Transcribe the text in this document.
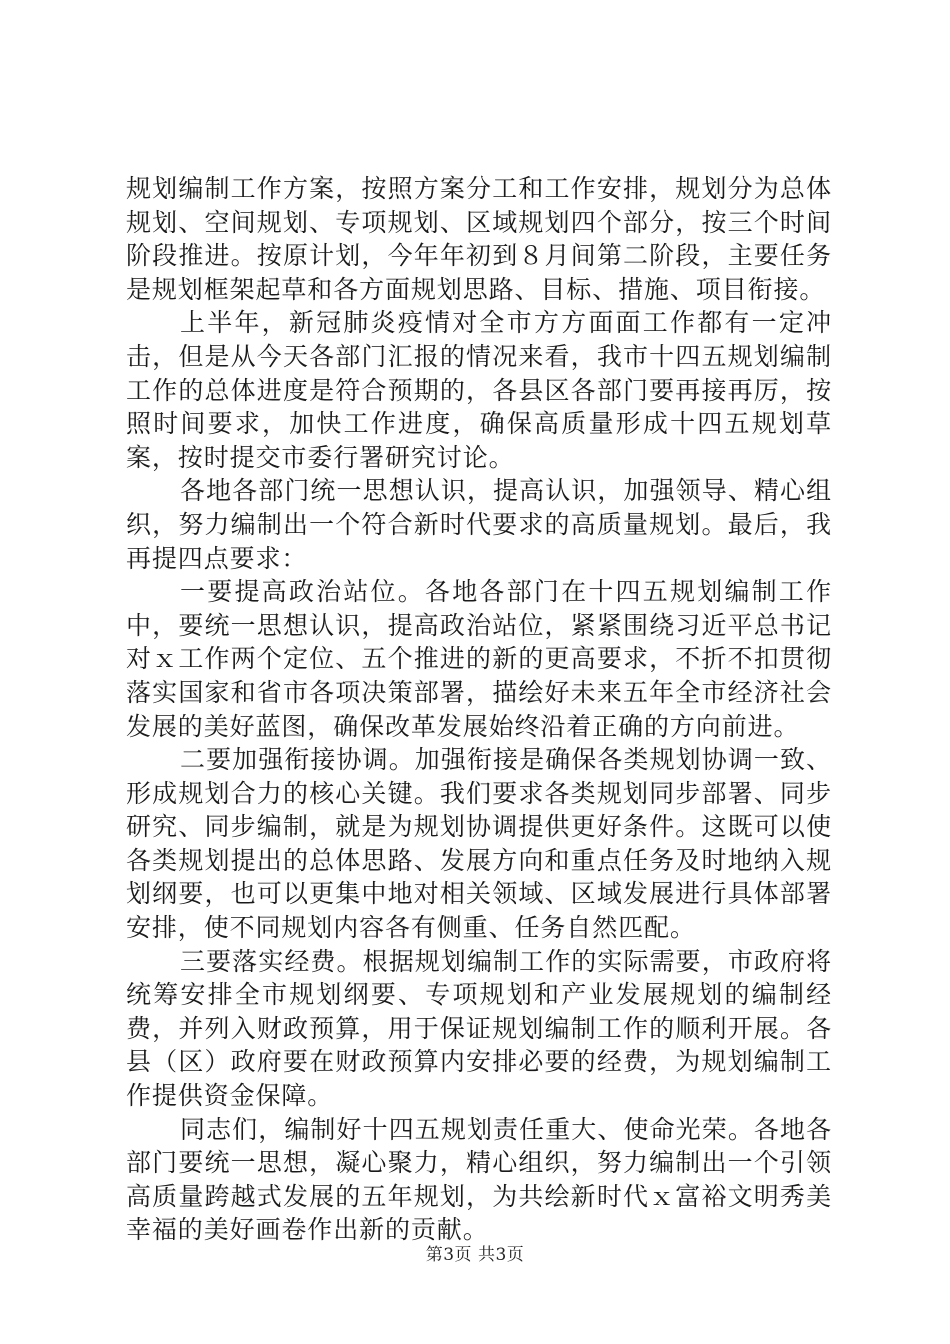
规划编制工作方案，按照方案分工和工作安排，规划分为总体规划、空间规划、专项规划、区域规划四个部分，按三个时间阶段推进。按原计划，今年年初到８月间第二阶段，主要任务是规划框架起草和各方面规划思路、目标、措施、项目衔接。

上半年，新冠肺炎疫情对全市方方面面工作都有一定冲击，但是从今天各部门汇报的情况来看，我市十四五规划编制工作的总体进度是符合预期的，各县区各部门要再接再厉，按照时间要求，加快工作进度，确保高质量形成十四五规划草案，按时提交市委行署研究讨论。

各地各部门统一思想认识，提高认识，加强领导、精心组织，努力编制出一个符合新时代要求的高质量规划。最后，我再提四点要求：

一要提高政治站位。各地各部门在十四五规划编制工作中，要统一思想认识，提高政治站位，紧紧围绕习近平总书记对ｘ工作两个定位、五个推进的新的更高要求，不折不扣贯彻落实国家和省市各项决策部署，描绘好未来五年全市经济社会发展的美好蓝图，确保改革发展始终沿着正确的方向前进。

二要加强衔接协调。加强衔接是确保各类规划协调一致、形成规划合力的核心关键。我们要求各类规划同步部署、同步研究、同步编制，就是为规划协调提供更好条件。这既可以使各类规划提出的总体思路、发展方向和重点任务及时地纳入规划纲要，也可以更集中地对相关领域、区域发展进行具体部署安排，使不同规划内容各有侧重、任务自然匹配。

三要落实经费。根据规划编制工作的实际需要，市政府将统筹安排全市规划纲要、专项规划和产业发展规划的编制经费，并列入财政预算，用于保证规划编制工作的顺利开展。各县（区）政府要在财政预算内安排必要的经费，为规划编制工作提供资金保障。

同志们，编制好十四五规划责任重大、使命光荣。各地各部门要统一思想，凝心聚力，精心组织，努力编制出一个引领高质量跨越式发展的五年规划，为共绘新时代ｘ富裕文明秀美幸福的美好画卷作出新的贡献。

第3页 共3页
